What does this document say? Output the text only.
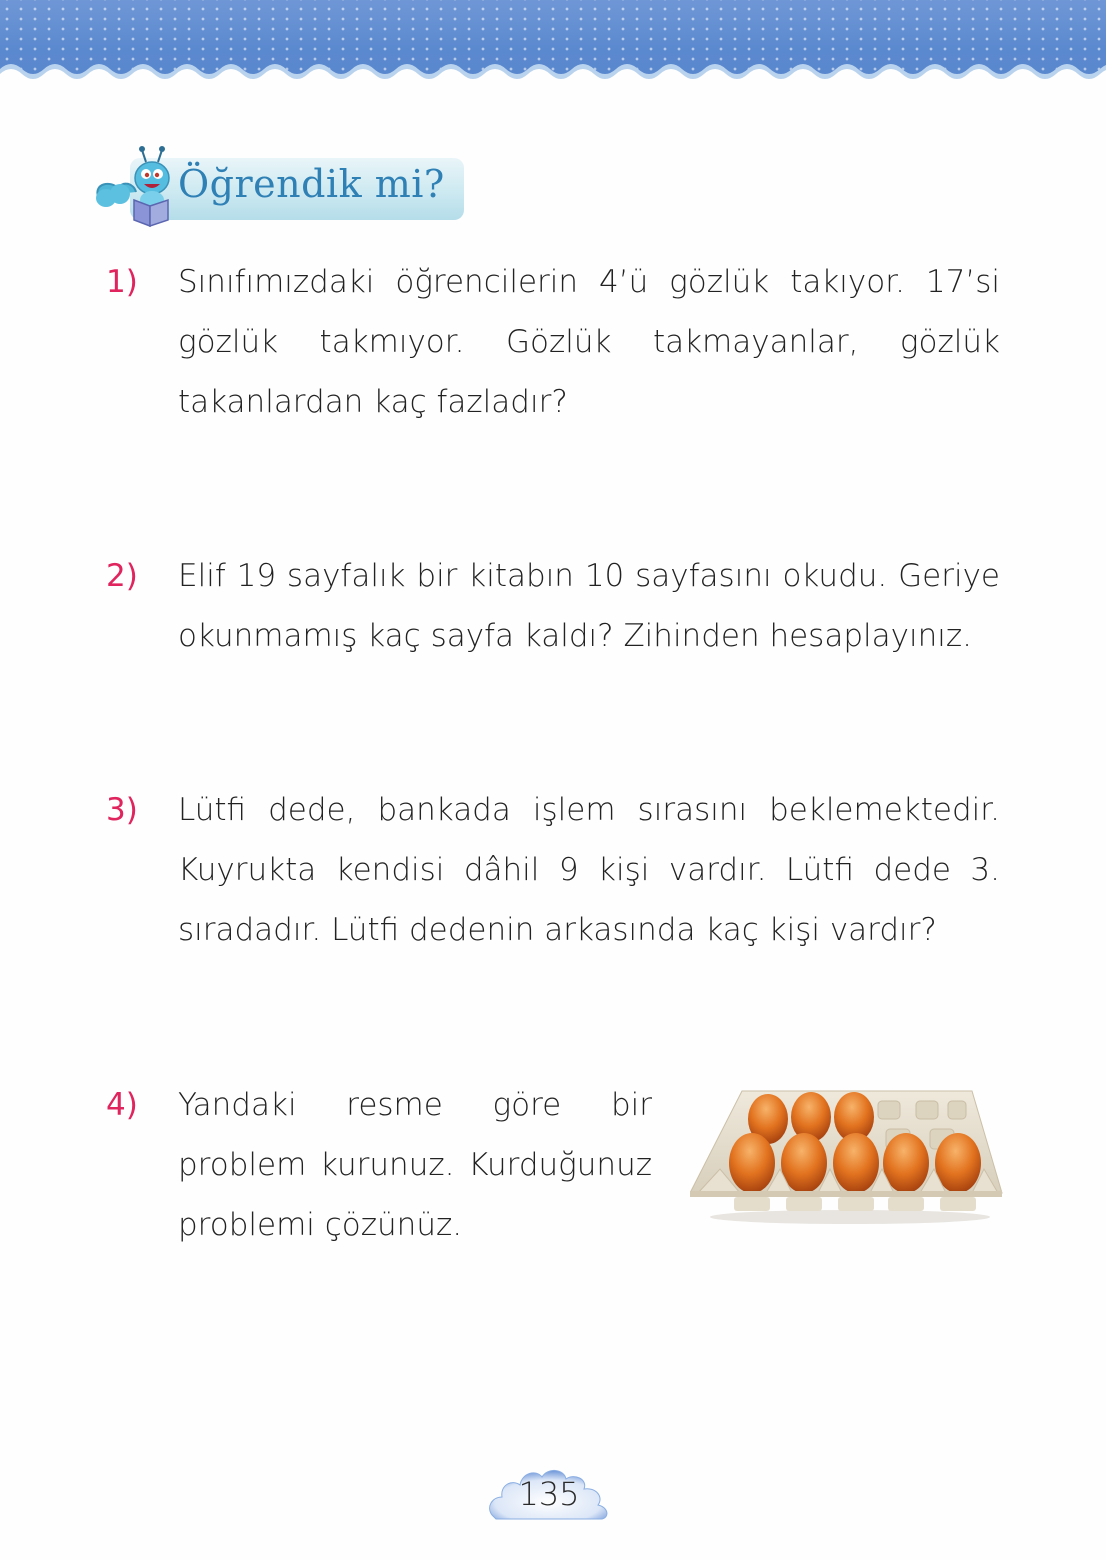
Öğrendik mi?
1) Sınıfımızdaki öğrencilerin 4’ü gözlük takıyor. 17’si gözlük takmıyor. Gözlük takmayanlar, gözlük takanlardan kaç fazladır?
2) Elif 19 sayfalık bir kitabın 10 sayfasını okudu. Geriye okunmamış kaç sayfa kaldı? Zihinden hesaplayınız.
3) Lütfi dede, bankada işlem sırasını beklemektedir. Kuyrukta kendisi dâhil 9 kişi vardır. Lütfi dede 3. sıradadır. Lütfi dedenin arkasında kaç kişi vardır?
4) Yandaki resme göre bir problem kurunuz. Kurduğunuz problemi çözünüz.
135
